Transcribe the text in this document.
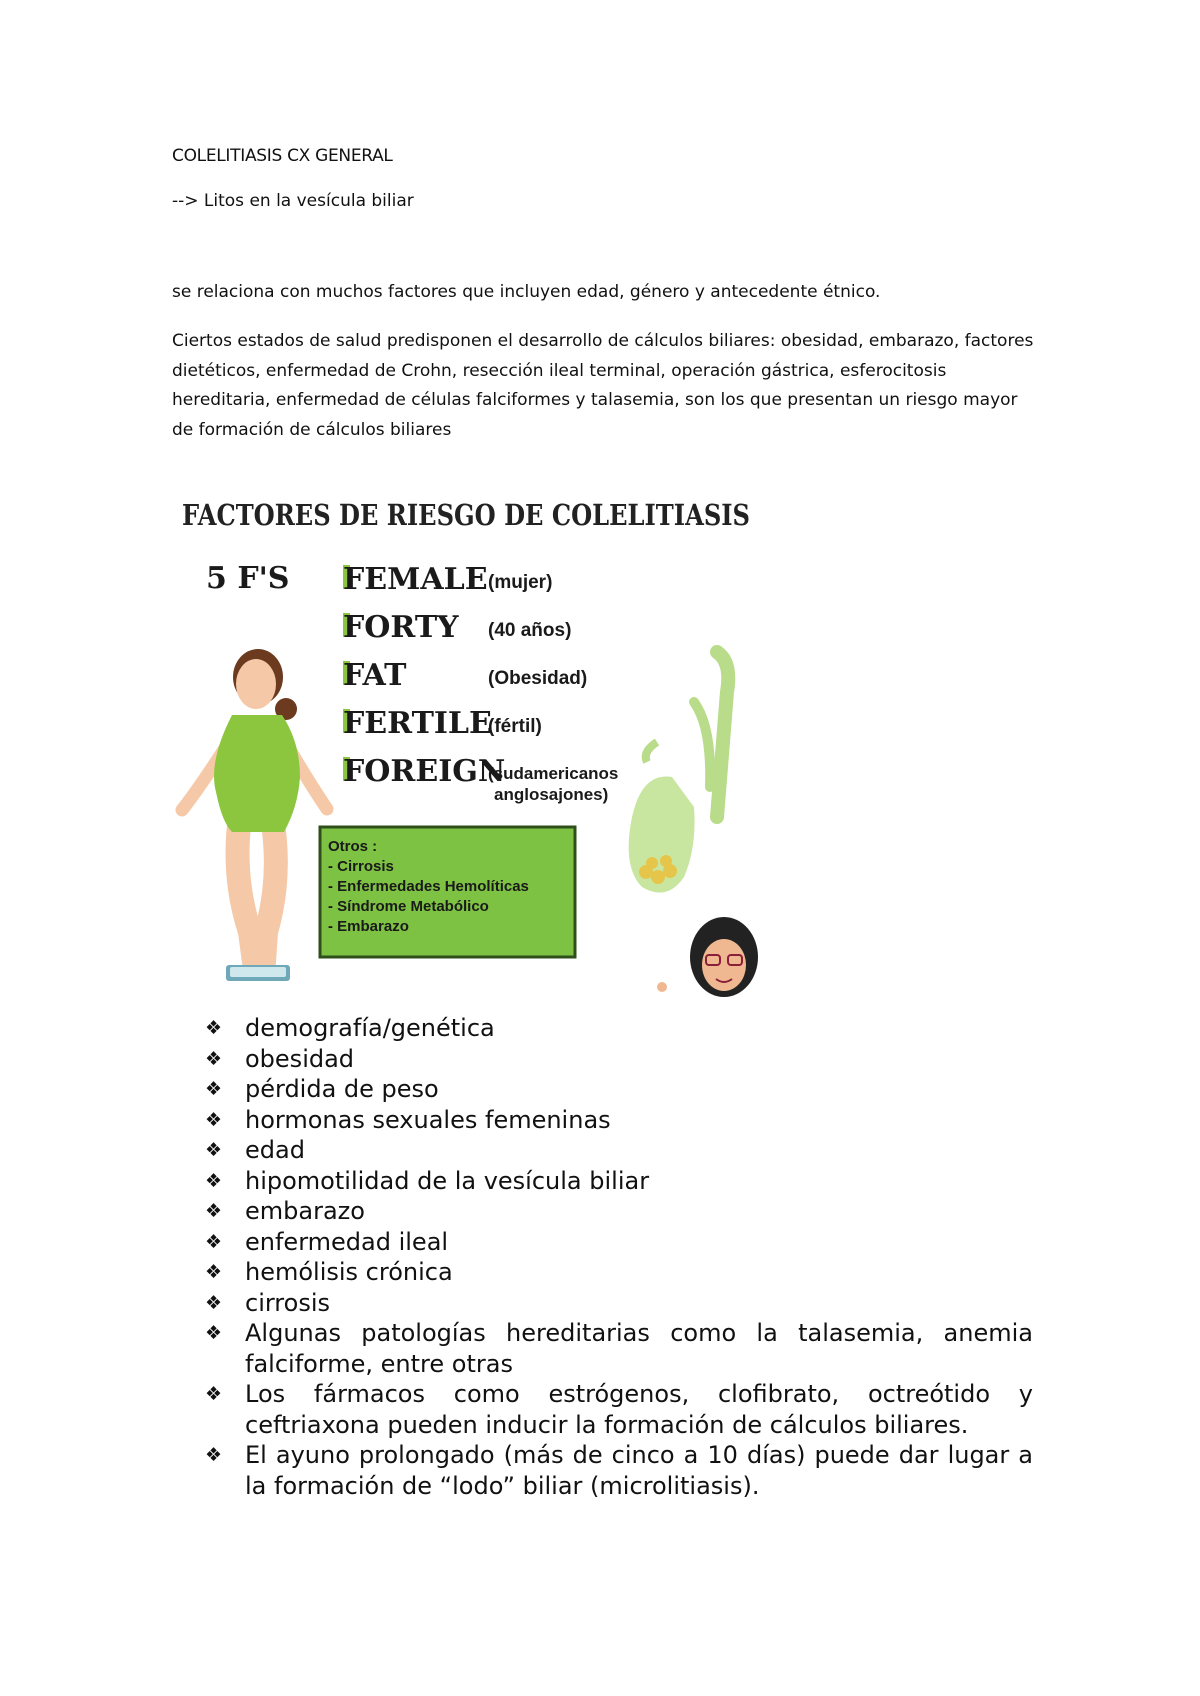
COLELITIASIS CX GENERAL
--> Litos en la vesícula biliar
se relaciona con muchos factores que incluyen edad, género y antecedente étnico.
Ciertos estados de salud predisponen el desarrollo de cálculos biliares: obesidad, embarazo, factores dietéticos, enfermedad de Crohn, resección ileal terminal, operación gástrica, esferocitosis hereditaria, enfermedad de células falciformes y talasemia, son los que presentan un riesgo mayor de formación de cálculos biliares
FACTORES DE RIESGO DE COLELITIASIS
5 F'S FEMALE (mujer)
FORTY (40 años)
FAT	(Obesidad)
FERTILE
(fértil)
FOREIGN
(sudamericanos
anglosajones)
Otros :
- Cirrosis
- Enfermedades Hemolíticas
- Síndrome Metabólico
- Embarazo
❖ demografía/genética
❖ obesidad
❖ pérdida de peso
❖ hormonas sexuales femeninas
❖ edad
❖ hipomotilidad de la vesícula biliar
❖ embarazo
❖ enfermedad ileal
❖ hemólisis crónica
❖ cirrosis
❖ Algunas patologías hereditarias como la talasemia, anemia falciforme, entre otras
❖ Los fármacos como estrógenos, clofibrato, octreótido y ceftriaxona pueden inducir la formación de cálculos biliares.
❖ El ayuno prolongado (más de cinco a 10 días) puede dar lugar a la formación de “lodo” biliar (microlitiasis).
